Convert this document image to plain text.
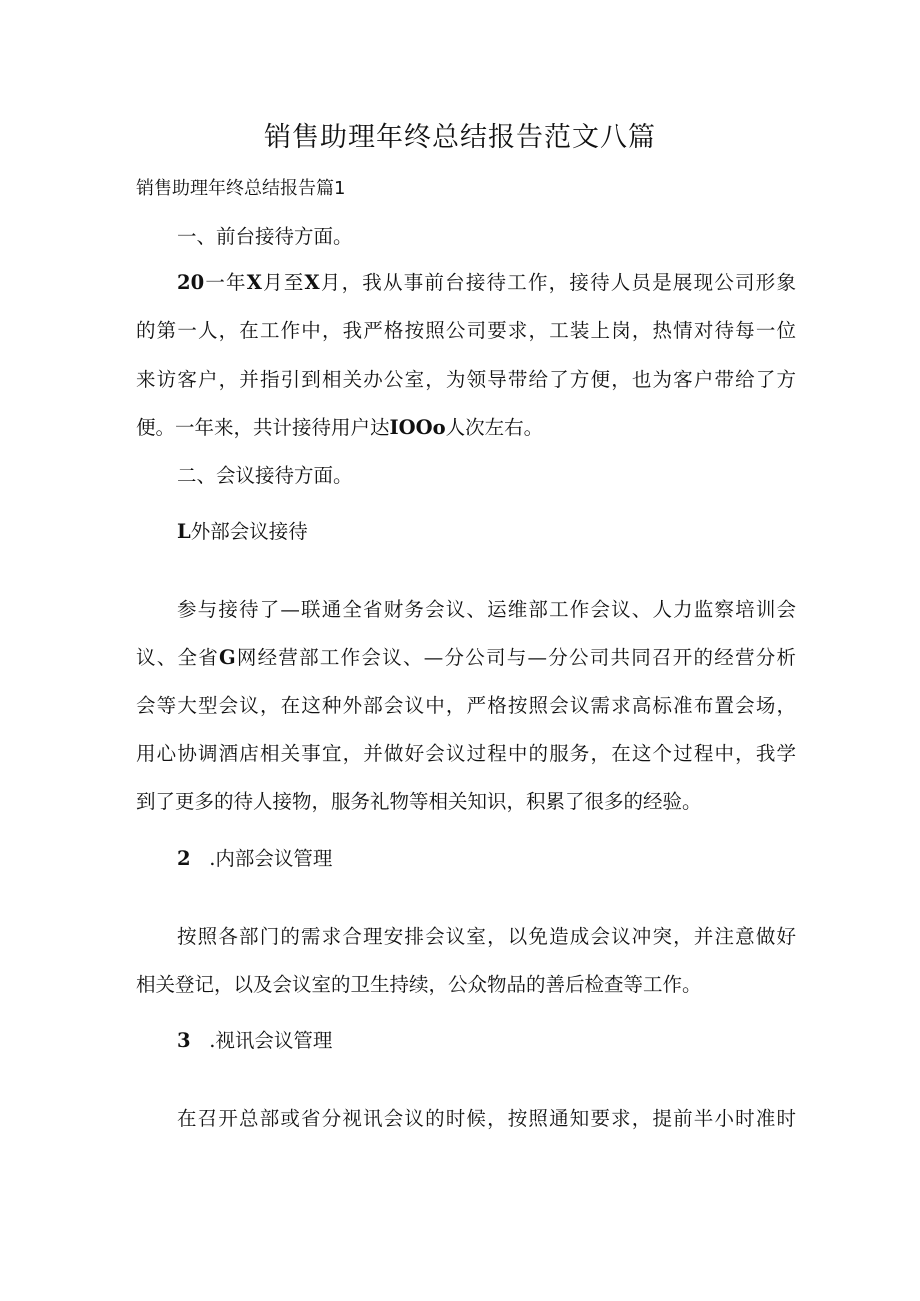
销售助理年终总结报告范文八篇
销售助理年终总结报告篇1
一、前台接待方面。
20一年X月至X月，我从事前台接待工作，接待人员是展现公司形象
的第一人，在工作中，我严格按照公司要求，工装上岗，热情对待每一位
来访客户，并指引到相关办公室，为领导带给了方便，也为客户带给了方
便。一年来，共计接待用户达IOOo人次左右。
二、会议接待方面。
L外部会议接待
参与接待了—联通全省财务会议、运维部工作会议、人力监察培训会
议、全省G网经营部工作会议、—分公司与—分公司共同召开的经营分析
会等大型会议，在这种外部会议中，严格按照会议需求高标准布置会场，
用心协调酒店相关事宜，并做好会议过程中的服务，在这个过程中，我学
到了更多的待人接物，服务礼物等相关知识，积累了很多的经验。
2 .内部会议管理
按照各部门的需求合理安排会议室，以免造成会议冲突，并注意做好
相关登记，以及会议室的卫生持续，公众物品的善后检查等工作。
3 .视讯会议管理
在召开总部或省分视讯会议的时候，按照通知要求，提前半小时准时
